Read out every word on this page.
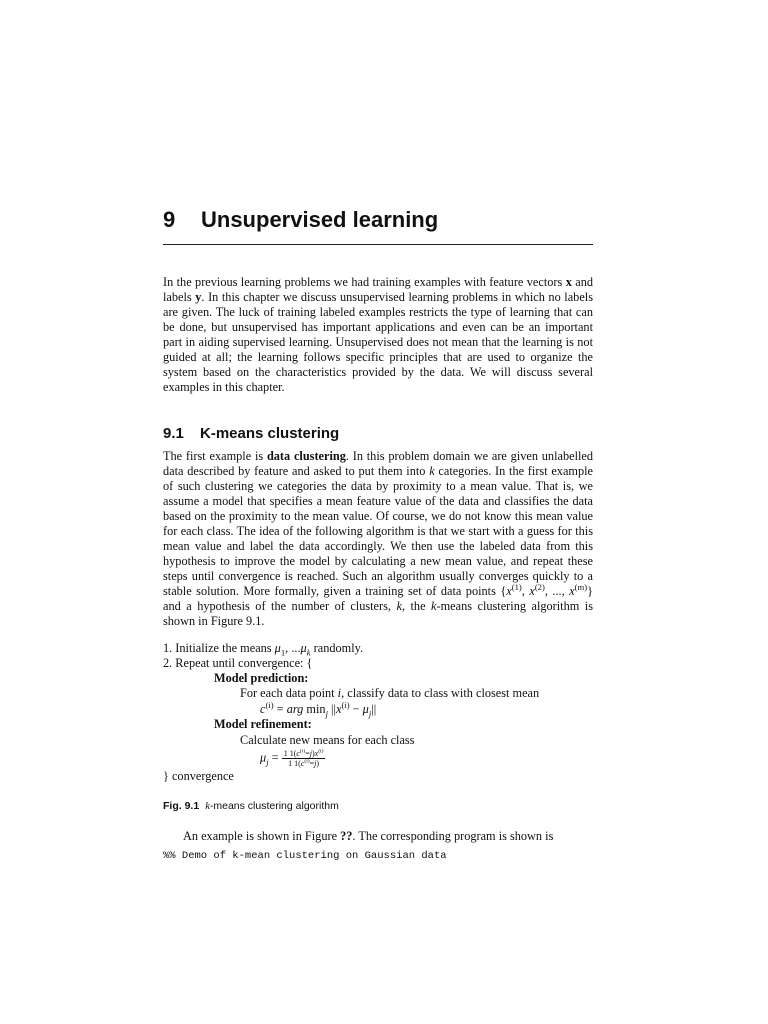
9 Unsupervised learning

In the previous learning problems we had training examples with feature vectors x and labels y. In this chapter we discuss unsupervised learning problems in which no labels are given. The luck of training labeled examples restricts the type of learning that can be done, but unsupervised has important applications and even can be an important part in aiding supervised learning. Unsupervised does not mean that the learning is not guided at all; the learning follows specific principles that are used to organize the system based on the characteristics provided by the data. We will discuss several examples in this chapter.

9.1 K-means clustering

The first example is data clustering. In this problem domain we are given unlabelled data described by feature and asked to put them into k categories. In the first example of such clustering we categories the data by proximity to a mean value. That is, we assume a model that specifies a mean feature value of the data and classifies the data based on the proximity to the mean value. Of course, we do not know this mean value for each class. The idea of the following algorithm is that we start with a guess for this mean value and label the data accordingly. We then use the labeled data from this hypothesis to improve the model by calculating a new mean value, and repeat these steps until convergence is reached. Such an algorithm usually converges quickly to a stable solution. More formally, given a training set of data points {$x^{(1)}$, $x^{(2)}$, ..., $x^{(m)}$} and a hypothesis of the number of clusters, k, the k-means clustering algorithm is shown in Figure 9.1.

1. Initialize the means $\mu_1$, $...\mu_k$ randomly.
2. Repeat until convergence: {
Model prediction:
For each data point i, classify data to class with closest mean
$c^{(i)}$ = arg $\min_j ||x^{(i)} - \mu_j||$
Model refinement:
Calculate new means for each class
$\mu_j = \frac{1 1(c^{(i)}=j)x^{(i)}}{1 1(c^{(i)}=j)}$
} convergence
Fig. 9.1 k-means clustering algorithm
An example is shown in Figure ??. The corresponding program is shown is
%% Demo of k-mean clustering on Gaussian data
